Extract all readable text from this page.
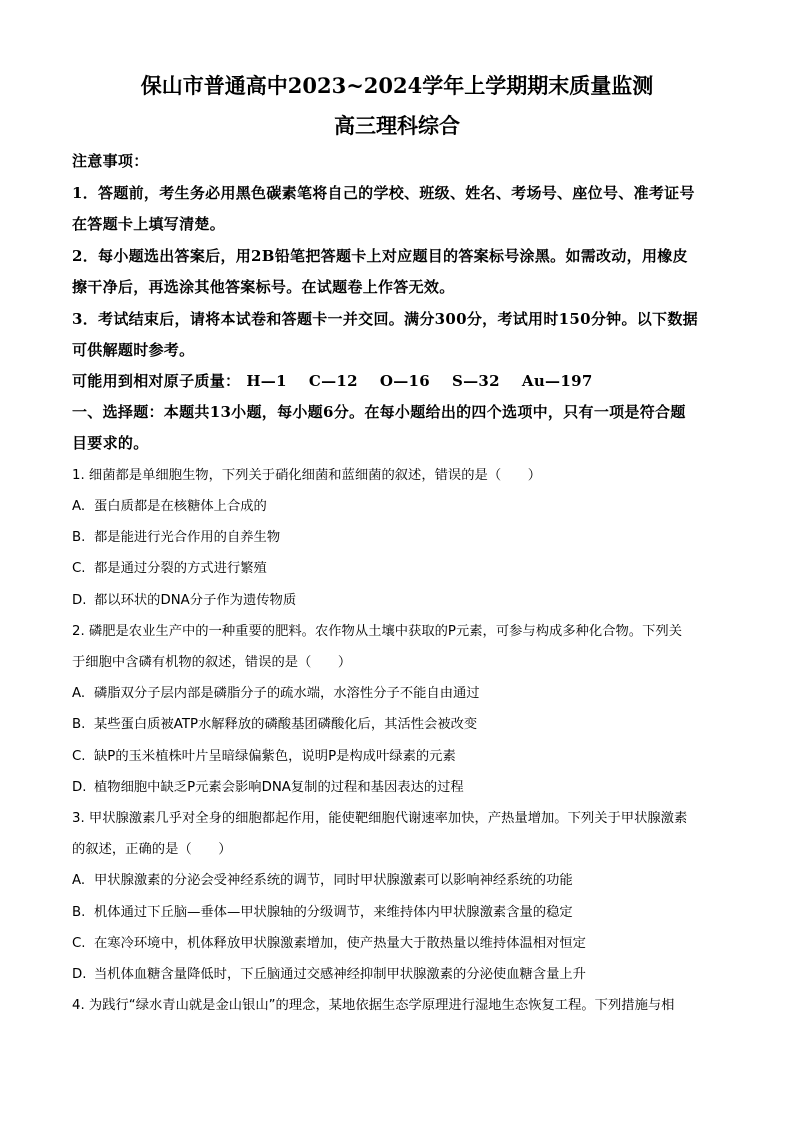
保山市普通高中2023~2024学年上学期期末质量监测
高三理科综合
注意事项：
1．答题前，考生务必用黑色碳素笔将自己的学校、班级、姓名、考场号、座位号、准考证号
在答题卡上填写清楚。
2．每小题选出答案后，用2B铅笔把答题卡上对应题目的答案标号涂黑。如需改动，用橡皮
擦干净后，再选涂其他答案标号。在试题卷上作答无效。
3．考试结束后，请将本试卷和答题卡一并交回。满分300分，考试用时150分钟。以下数据
可供解题时参考。
可能用到相对原子质量： H—1 C—12 O—16 S—32 Au—197
一、选择题：本题共13小题，每小题6分。在每小题给出的四个选项中，只有一项是符合题
目要求的。
1. 细菌都是单细胞生物，下列关于硝化细菌和蓝细菌的叙述，错误的是（　　）
A. 蛋白质都是在核糖体上合成的
B. 都是能进行光合作用的自养生物
C. 都是通过分裂的方式进行繁殖
D. 都以环状的DNA分子作为遗传物质
2. 磷肥是农业生产中的一种重要的肥料。农作物从土壤中获取的P元素，可参与构成多种化合物。下列关
于细胞中含磷有机物的叙述，错误的是（　　）
A. 磷脂双分子层内部是磷脂分子的疏水端，水溶性分子不能自由通过
B. 某些蛋白质被ATP水解释放的磷酸基团磷酸化后，其活性会被改变
C. 缺P的玉米植株叶片呈暗绿偏紫色，说明P是构成叶绿素的元素
D. 植物细胞中缺乏P元素会影响DNA复制的过程和基因表达的过程
3. 甲状腺激素几乎对全身的细胞都起作用，能使靶细胞代谢速率加快，产热量增加。下列关于甲状腺激素
的叙述，正确的是（　　）
A. 甲状腺激素的分泌会受神经系统的调节，同时甲状腺激素可以影响神经系统的功能
B. 机体通过下丘脑—垂体—甲状腺轴的分级调节，来维持体内甲状腺激素含量的稳定
C. 在寒冷环境中，机体释放甲状腺激素增加，使产热量大于散热量以维持体温相对恒定
D. 当机体血糖含量降低时，下丘脑通过交感神经抑制甲状腺激素的分泌使血糖含量上升
4. 为践行“绿水青山就是金山银山”的理念，某地依据生态学原理进行湿地生态恢复工程。下列措施与相
